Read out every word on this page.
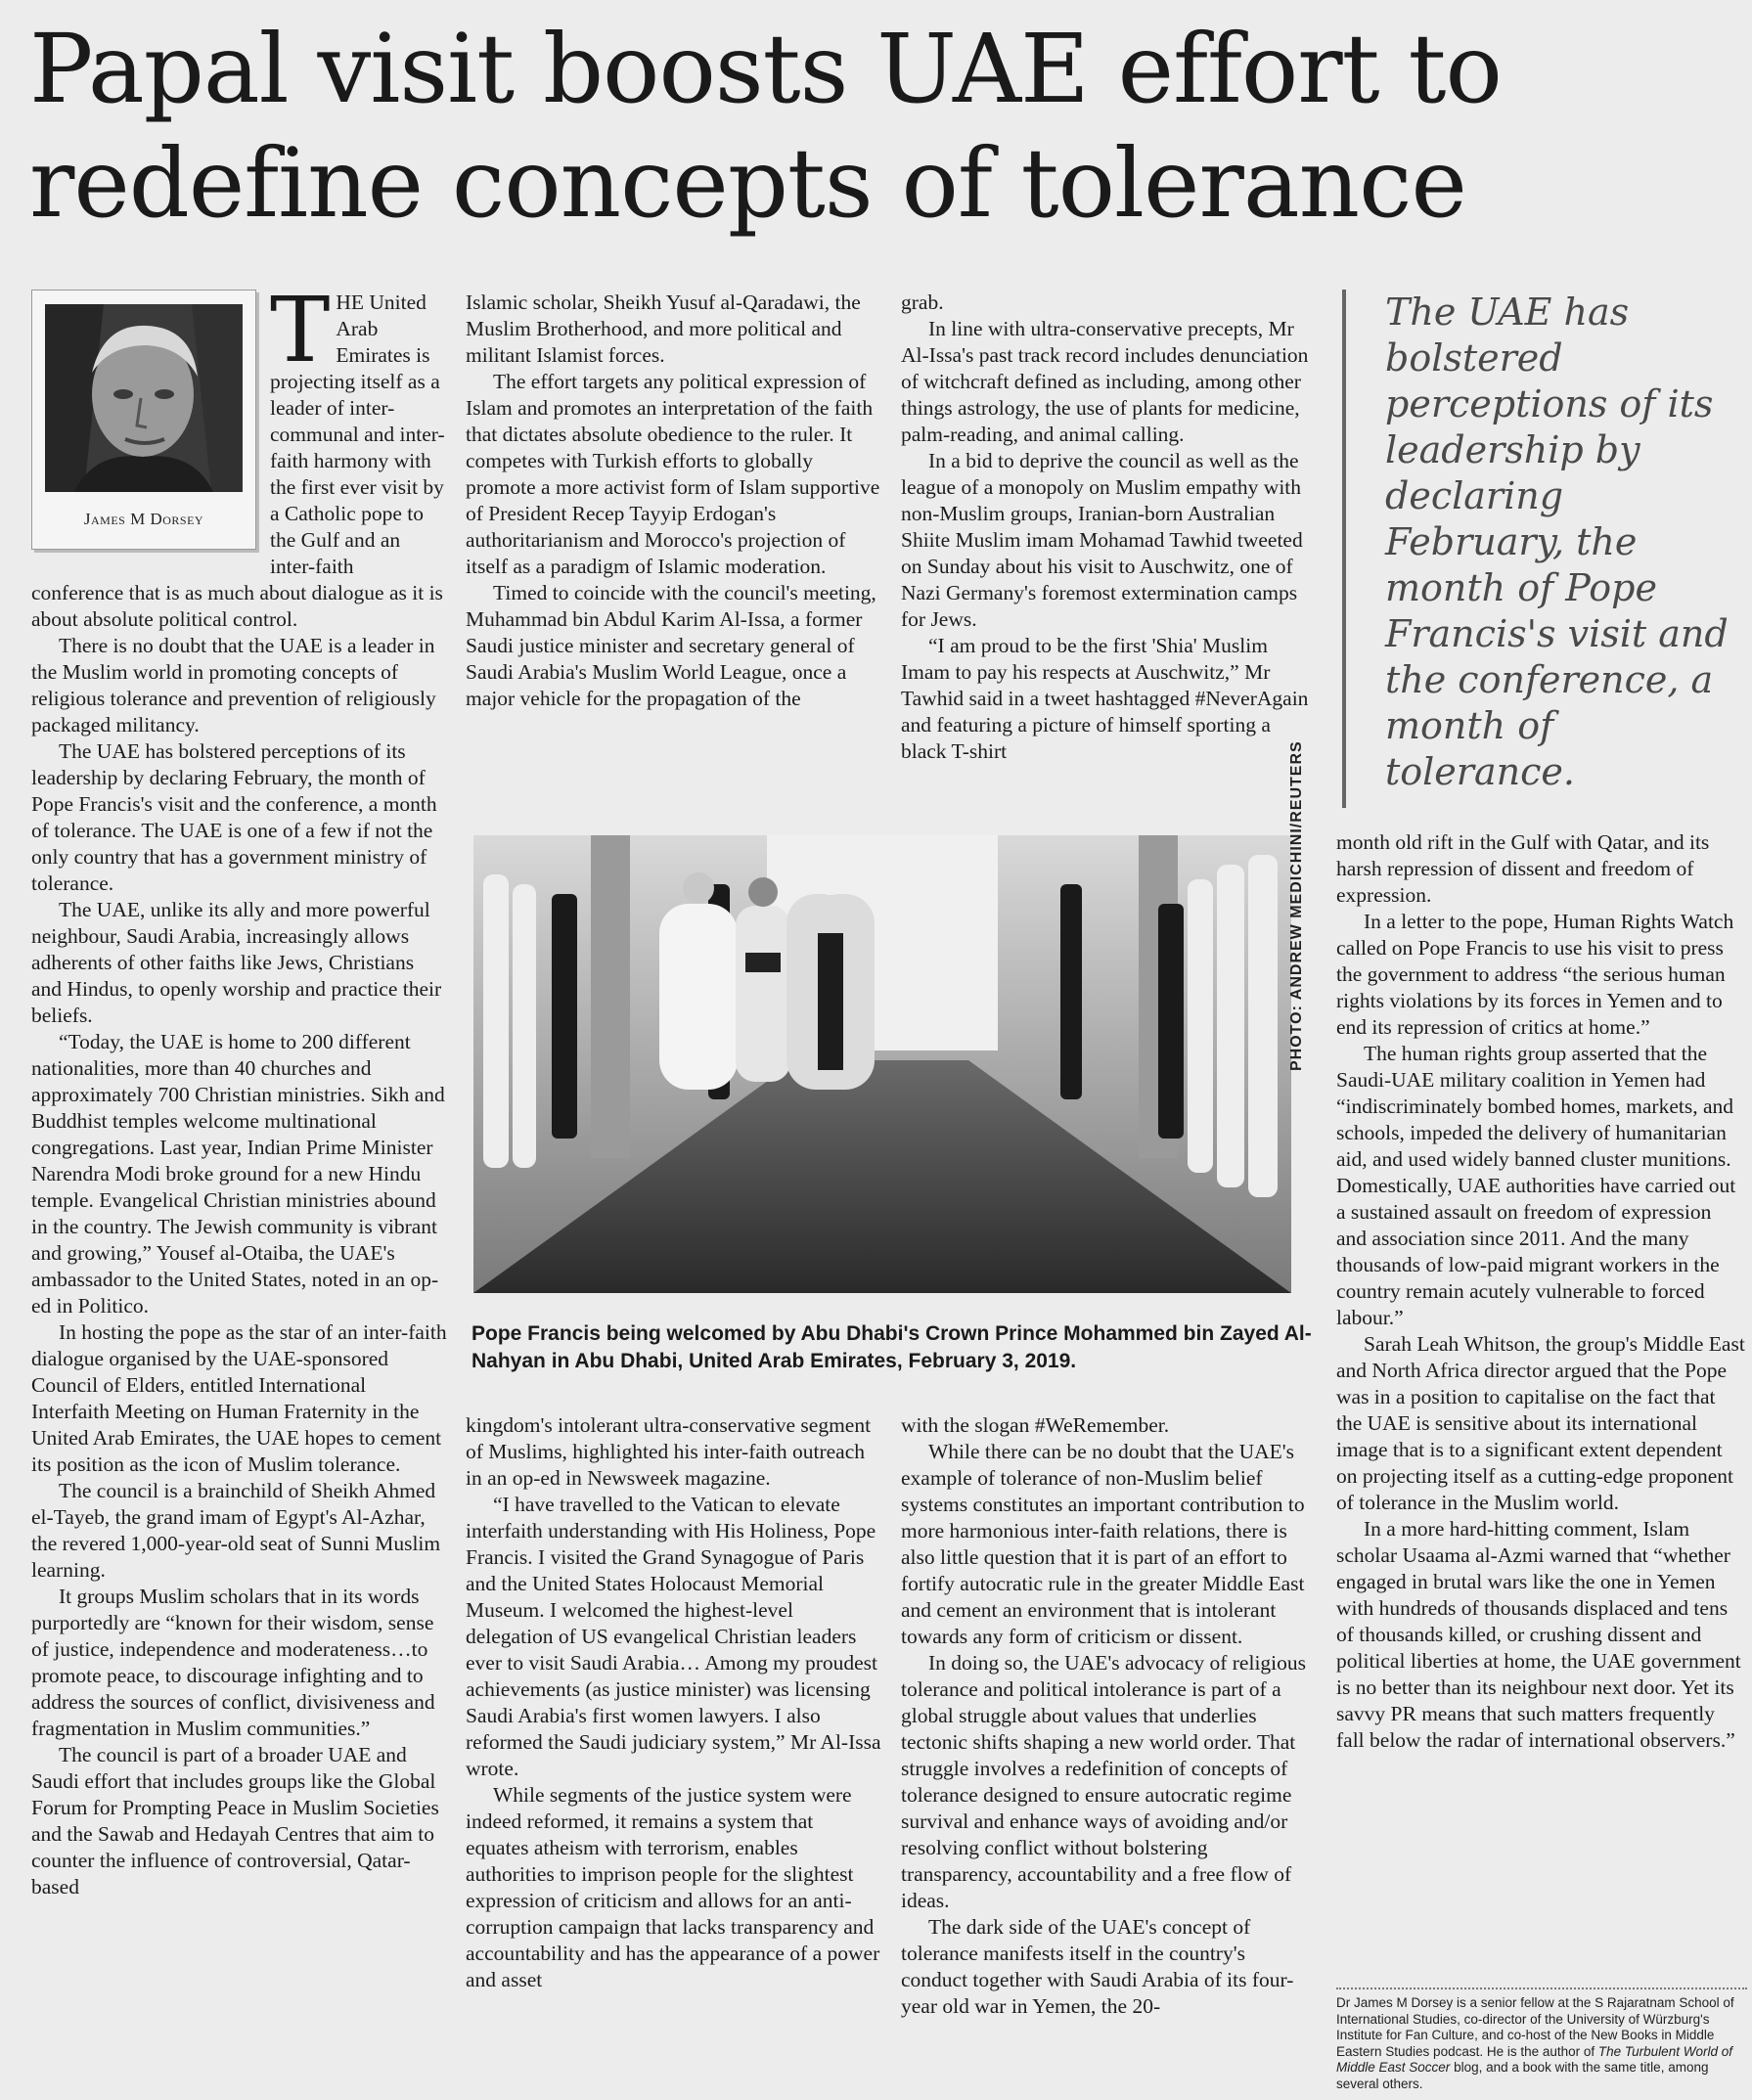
Papal visit boosts UAE effort to redefine concepts of tolerance
James M Dorsey
T HE United Arab Emirates is projecting itself as a leader of inter-communal and inter-faith harmony with the first ever visit by a Catholic pope to the Gulf and an inter-faith conference that is as much about dialogue as it is about absolute political control.

There is no doubt that the UAE is a leader in the Muslim world in promoting concepts of religious tolerance and prevention of religiously packaged militancy.

The UAE has bolstered perceptions of its leadership by declaring February, the month of Pope Francis's visit and the conference, a month of tolerance. The UAE is one of a few if not the only country that has a government ministry of tolerance.

The UAE, unlike its ally and more powerful neighbour, Saudi Arabia, increasingly allows adherents of other faiths like Jews, Christians and Hindus, to openly worship and practice their beliefs.

“Today, the UAE is home to 200 different nationalities, more than 40 churches and approximately 700 Christian ministries. Sikh and Buddhist temples welcome multinational congregations. Last year, Indian Prime Minister Narendra Modi broke ground for a new Hindu temple. Evangelical Christian ministries abound in the country. The Jewish community is vibrant and growing,” Yousef al-Otaiba, the UAE's ambassador to the United States, noted in an op-ed in Politico.

In hosting the pope as the star of an inter-faith dialogue organised by the UAE-sponsored Council of Elders, entitled International Interfaith Meeting on Human Fraternity in the United Arab Emirates, the UAE hopes to cement its position as the icon of Muslim tolerance.

The council is a brainchild of Sheikh Ahmed el-Tayeb, the grand imam of Egypt's Al-Azhar, the revered 1,000-year-old seat of Sunni Muslim learning.

It groups Muslim scholars that in its words purportedly are “known for their wisdom, sense of justice, independence and moderateness…to promote peace, to discourage infighting and to address the sources of conflict, divisiveness and fragmentation in Muslim communities.”

The council is part of a broader UAE and Saudi effort that includes groups like the Global Forum for Prompting Peace in Muslim Societies and the Sawab and Hedayah Centres that aim to counter the influence of controversial, Qatar-based

Islamic scholar, Sheikh Yusuf al-Qaradawi, the Muslim Brotherhood, and more political and militant Islamist forces.

The effort targets any political expression of Islam and promotes an interpretation of the faith that dictates absolute obedience to the ruler. It competes with Turkish efforts to globally promote a more activist form of Islam supportive of President Recep Tayyip Erdogan's authoritarianism and Morocco's projection of itself as a paradigm of Islamic moderation.

Timed to coincide with the council's meeting, Muhammad bin Abdul Karim Al-Issa, a former Saudi justice minister and secretary general of Saudi Arabia's Muslim World League, once a major vehicle for the propagation of the

grab.

In line with ultra-conservative precepts, Mr Al-Issa's past track record includes denunciation of witchcraft defined as including, among other things astrology, the use of plants for medicine, palm-reading, and animal calling.

In a bid to deprive the council as well as the league of a monopoly on Muslim empathy with non-Muslim groups, Iranian-born Australian Shiite Muslim imam Mohamad Tawhid tweeted on Sunday about his visit to Auschwitz, one of Nazi Germany's foremost extermination camps for Jews.

“I am proud to be the first 'Shia' Muslim Imam to pay his respects at Auschwitz,” Mr Tawhid said in a tweet hashtagged #NeverAgain and featuring a picture of himself sporting a black T-shirt

The UAE has bolstered perceptions of its leadership by declaring February, the month of Pope Francis's visit and the conference, a month of tolerance.
PHOTO: ANDREW MEDICHINI/REUTERS
Pope Francis being welcomed by Abu Dhabi's Crown Prince Mohammed bin Zayed Al-Nahyan in Abu Dhabi, United Arab Emirates, February 3, 2019.

kingdom's intolerant ultra-conservative segment of Muslims, highlighted his inter-faith outreach in an op-ed in Newsweek magazine.

“I have travelled to the Vatican to elevate interfaith understanding with His Holiness, Pope Francis. I visited the Grand Synagogue of Paris and the United States Holocaust Memorial Museum. I welcomed the highest-level delegation of US evangelical Christian leaders ever to visit Saudi Arabia… Among my proudest achievements (as justice minister) was licensing Saudi Arabia's first women lawyers. I also reformed the Saudi judiciary system,” Mr Al-Issa wrote.

While segments of the justice system were indeed reformed, it remains a system that equates atheism with terrorism, enables authorities to imprison people for the slightest expression of criticism and allows for an anti-corruption campaign that lacks transparency and accountability and has the appearance of a power and asset

with the slogan #WeRemember.

While there can be no doubt that the UAE's example of tolerance of non-Muslim belief systems constitutes an important contribution to more harmonious inter-faith relations, there is also little question that it is part of an effort to fortify autocratic rule in the greater Middle East and cement an environment that is intolerant towards any form of criticism or dissent.

In doing so, the UAE's advocacy of religious tolerance and political intolerance is part of a global struggle about values that underlies tectonic shifts shaping a new world order. That struggle involves a redefinition of concepts of tolerance designed to ensure autocratic regime survival and enhance ways of avoiding and/or resolving conflict without bolstering transparency, accountability and a free flow of ideas.

The dark side of the UAE's concept of tolerance manifests itself in the country's conduct together with Saudi Arabia of its four-year old war in Yemen, the 20-

month old rift in the Gulf with Qatar, and its harsh repression of dissent and freedom of expression.

In a letter to the pope, Human Rights Watch called on Pope Francis to use his visit to press the government to address “the serious human rights violations by its forces in Yemen and to end its repression of critics at home.”

The human rights group asserted that the Saudi-UAE military coalition in Yemen had “indiscriminately bombed homes, markets, and schools, impeded the delivery of humanitarian aid, and used widely banned cluster munitions. Domestically, UAE authorities have carried out a sustained assault on freedom of expression and association since 2011. And the many thousands of low-paid migrant workers in the country remain acutely vulnerable to forced labour.”

Sarah Leah Whitson, the group's Middle East and North Africa director argued that the Pope was in a position to capitalise on the fact that the UAE is sensitive about its international image that is to a significant extent dependent on projecting itself as a cutting-edge proponent of tolerance in the Muslim world.

In a more hard-hitting comment, Islam scholar Usaama al-Azmi warned that “whether engaged in brutal wars like the one in Yemen with hundreds of thousands displaced and tens of thousands killed, or crushing dissent and political liberties at home, the UAE government is no better than its neighbour next door. Yet its savvy PR means that such matters frequently fall below the radar of international observers.”

Dr James M Dorsey is a senior fellow at the S Rajaratnam School of International Studies, co-director of the University of Würzburg's Institute for Fan Culture, and co-host of the New Books in Middle Eastern Studies podcast. He is the author of The Turbulent World of Middle East Soccer blog, and a book with the same title, among several others.
